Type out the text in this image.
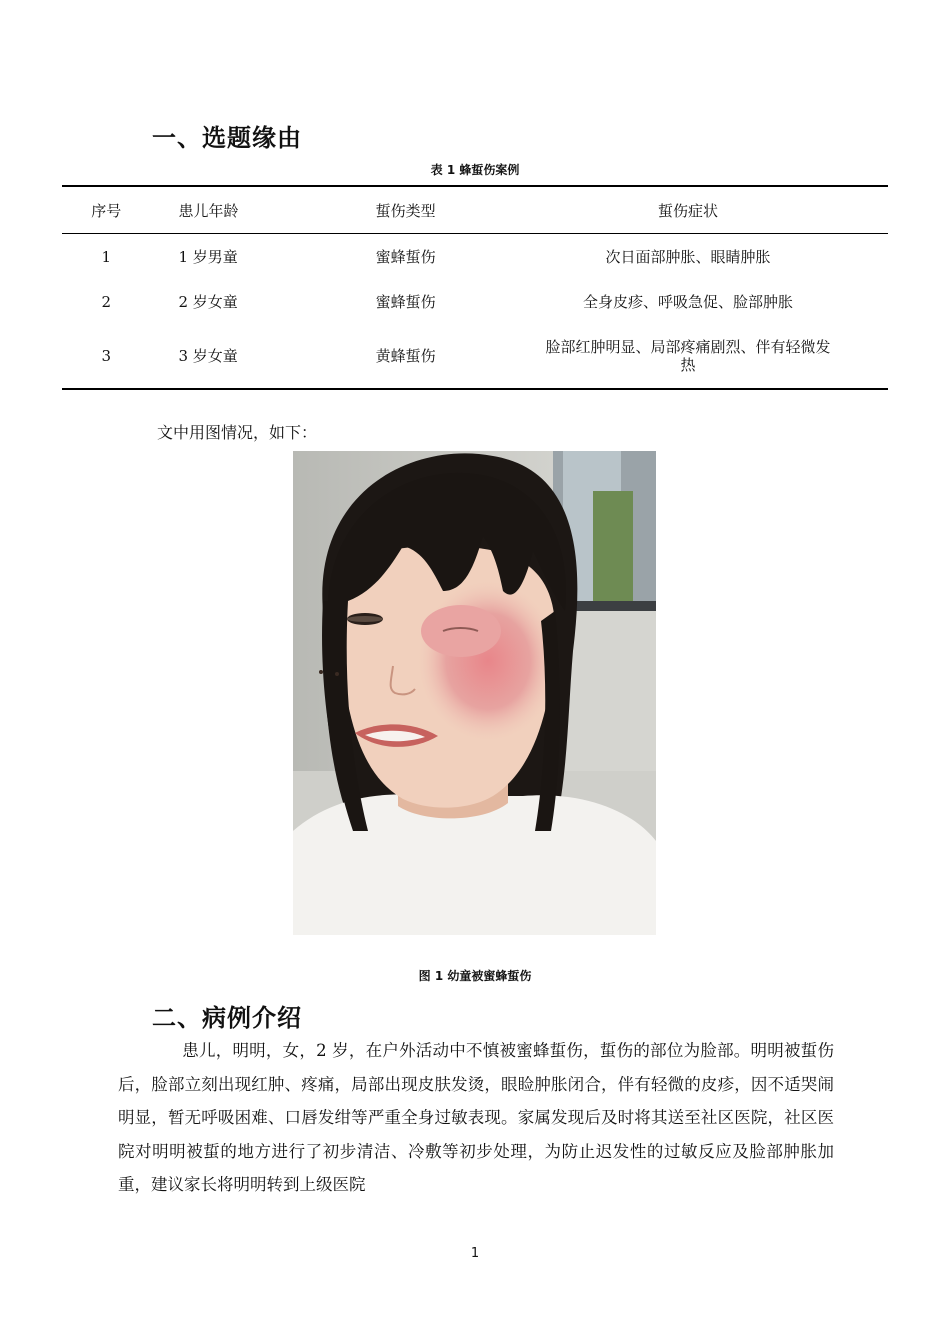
一、选题缘由
表 1 蜂蜇伤案例
序号	患儿年龄	蜇伤类型	蜇伤症状
1	1 岁男童	蜜蜂蜇伤	次日面部肿胀、眼睛肿胀
2	2 岁女童	蜜蜂蜇伤	全身皮疹、呼吸急促、脸部肿胀
3	3 岁女童	黄蜂蜇伤	脸部红肿明显、局部疼痛剧烈、伴有轻微发热
文中用图情况，如下：
图 1 幼童被蜜蜂蜇伤
二、病例介绍

患儿，明明，女，2 岁，在户外活动中不慎被蜜蜂蜇伤，蜇伤的部位为脸部。明明被蜇伤后，脸部立刻出现红肿、疼痛，局部出现皮肤发烫，眼睑肿胀闭合，伴有轻微的皮疹，因不适哭闹明显，暂无呼吸困难、口唇发绀等严重全身过敏表现。家属发现后及时将其送至社区医院，社区医院对明明被蜇的地方进行了初步清洁、冷敷等初步处理，为防止迟发性的过敏反应及脸部肿胀加重，建议家长将明明转到上级医院

1
